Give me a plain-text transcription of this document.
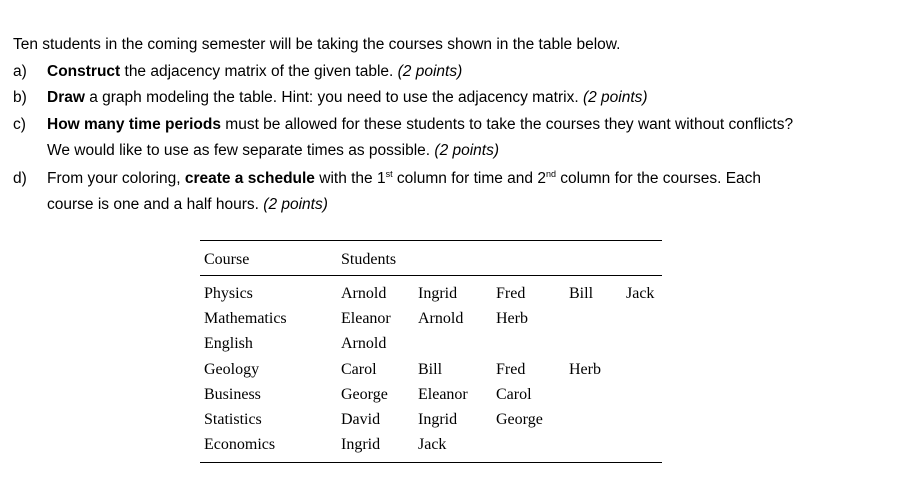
Ten students in the coming semester will be taking the courses shown in the table below.
a)	Construct the adjacency matrix of the given table. (2 points)
b)	Draw a graph modeling the table. Hint: you need to use the adjacency matrix. (2 points)
c)	How many time periods must be allowed for these students to take the courses they want without conflicts?
We would like to use as few separate times as possible. (2 points)
d)	From your coloring, create a schedule with the 1st column for time and 2nd column for the courses. Each
course is one and a half hours. (2 points)
Course	Students
Physics	Arnold Ingrid Fred	Bill Jack
Mathematics	Eleanor Arnold Herb
English	Arnold
Geology	Carol	Bill	Fred	Herb
Business	George Eleanor Carol
Statistics	David Ingrid George
Economics	Ingrid Jack
